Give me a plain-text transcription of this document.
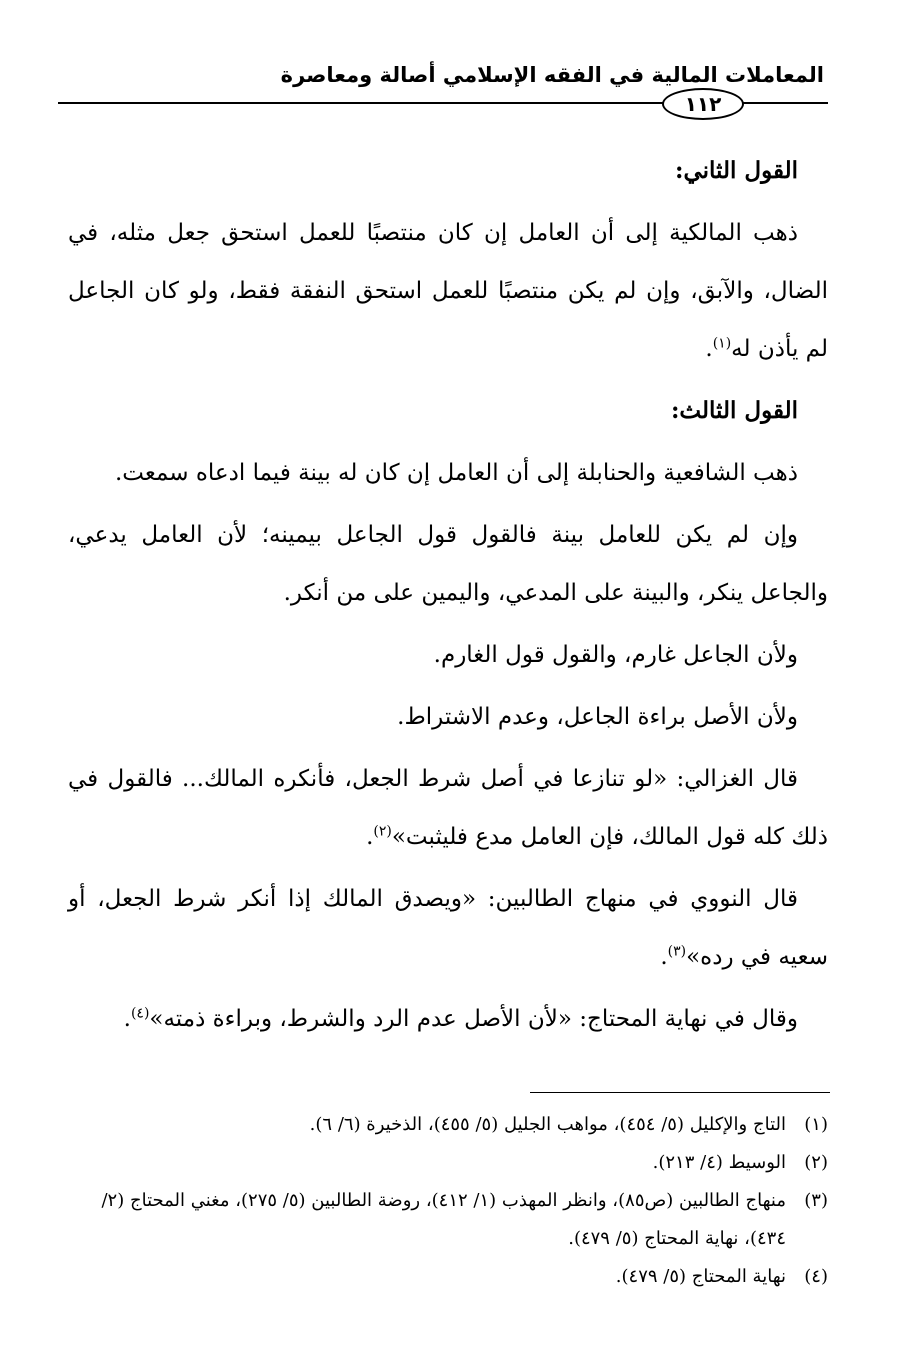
المعاملات المالية في الفقه الإسلامي أصالة ومعاصرة
١١٢

القول الثاني:

ذهب المالكية إلى أن العامل إن كان منتصبًا للعمل استحق جعل مثله، في الضال، والآبق، وإن لم يكن منتصبًا للعمل استحق النفقة فقط، ولو كان الجاعل لم يأذن له$^{(١)}$.

القول الثالث:

ذهب الشافعية والحنابلة إلى أن العامل إن كان له بينة فيما ادعاه سمعت.

وإن لم يكن للعامل بينة فالقول قول الجاعل بيمينه؛ لأن العامل يدعي، والجاعل ينكر، والبينة على المدعي، واليمين على من أنكر.

ولأن الجاعل غارم، والقول قول الغارم.

ولأن الأصل براءة الجاعل، وعدم الاشتراط.

قال الغزالي: «لو تنازعا في أصل شرط الجعل، فأنكره المالك... فالقول في ذلك كله قول المالك، فإن العامل مدع فليثبت»$^{(٢)}$.

قال النووي في منهاج الطالبين: «ويصدق المالك إذا أنكر شرط الجعل، أو سعيه في رده»$^{(٣)}$.

وقال في نهاية المحتاج: «لأن الأصل عدم الرد والشرط، وبراءة ذمته»$^{(٤)}$.

(١)التاج والإكليل (٥/ ٤٥٤)، مواهب الجليل (٥/ ٤٥٥)، الذخيرة (٦/ ٦).

(٢)الوسيط (٤/ ٢١٣).

(٣)منهاج الطالبين (ص٨٥)، وانظر المهذب (١/ ٤١٢)، روضة الطالبين (٥/ ٢٧٥)، مغني المحتاج (٢/ ٤٣٤)، نهاية المحتاج (٥/ ٤٧٩).

(٤)نهاية المحتاج (٥/ ٤٧٩).
